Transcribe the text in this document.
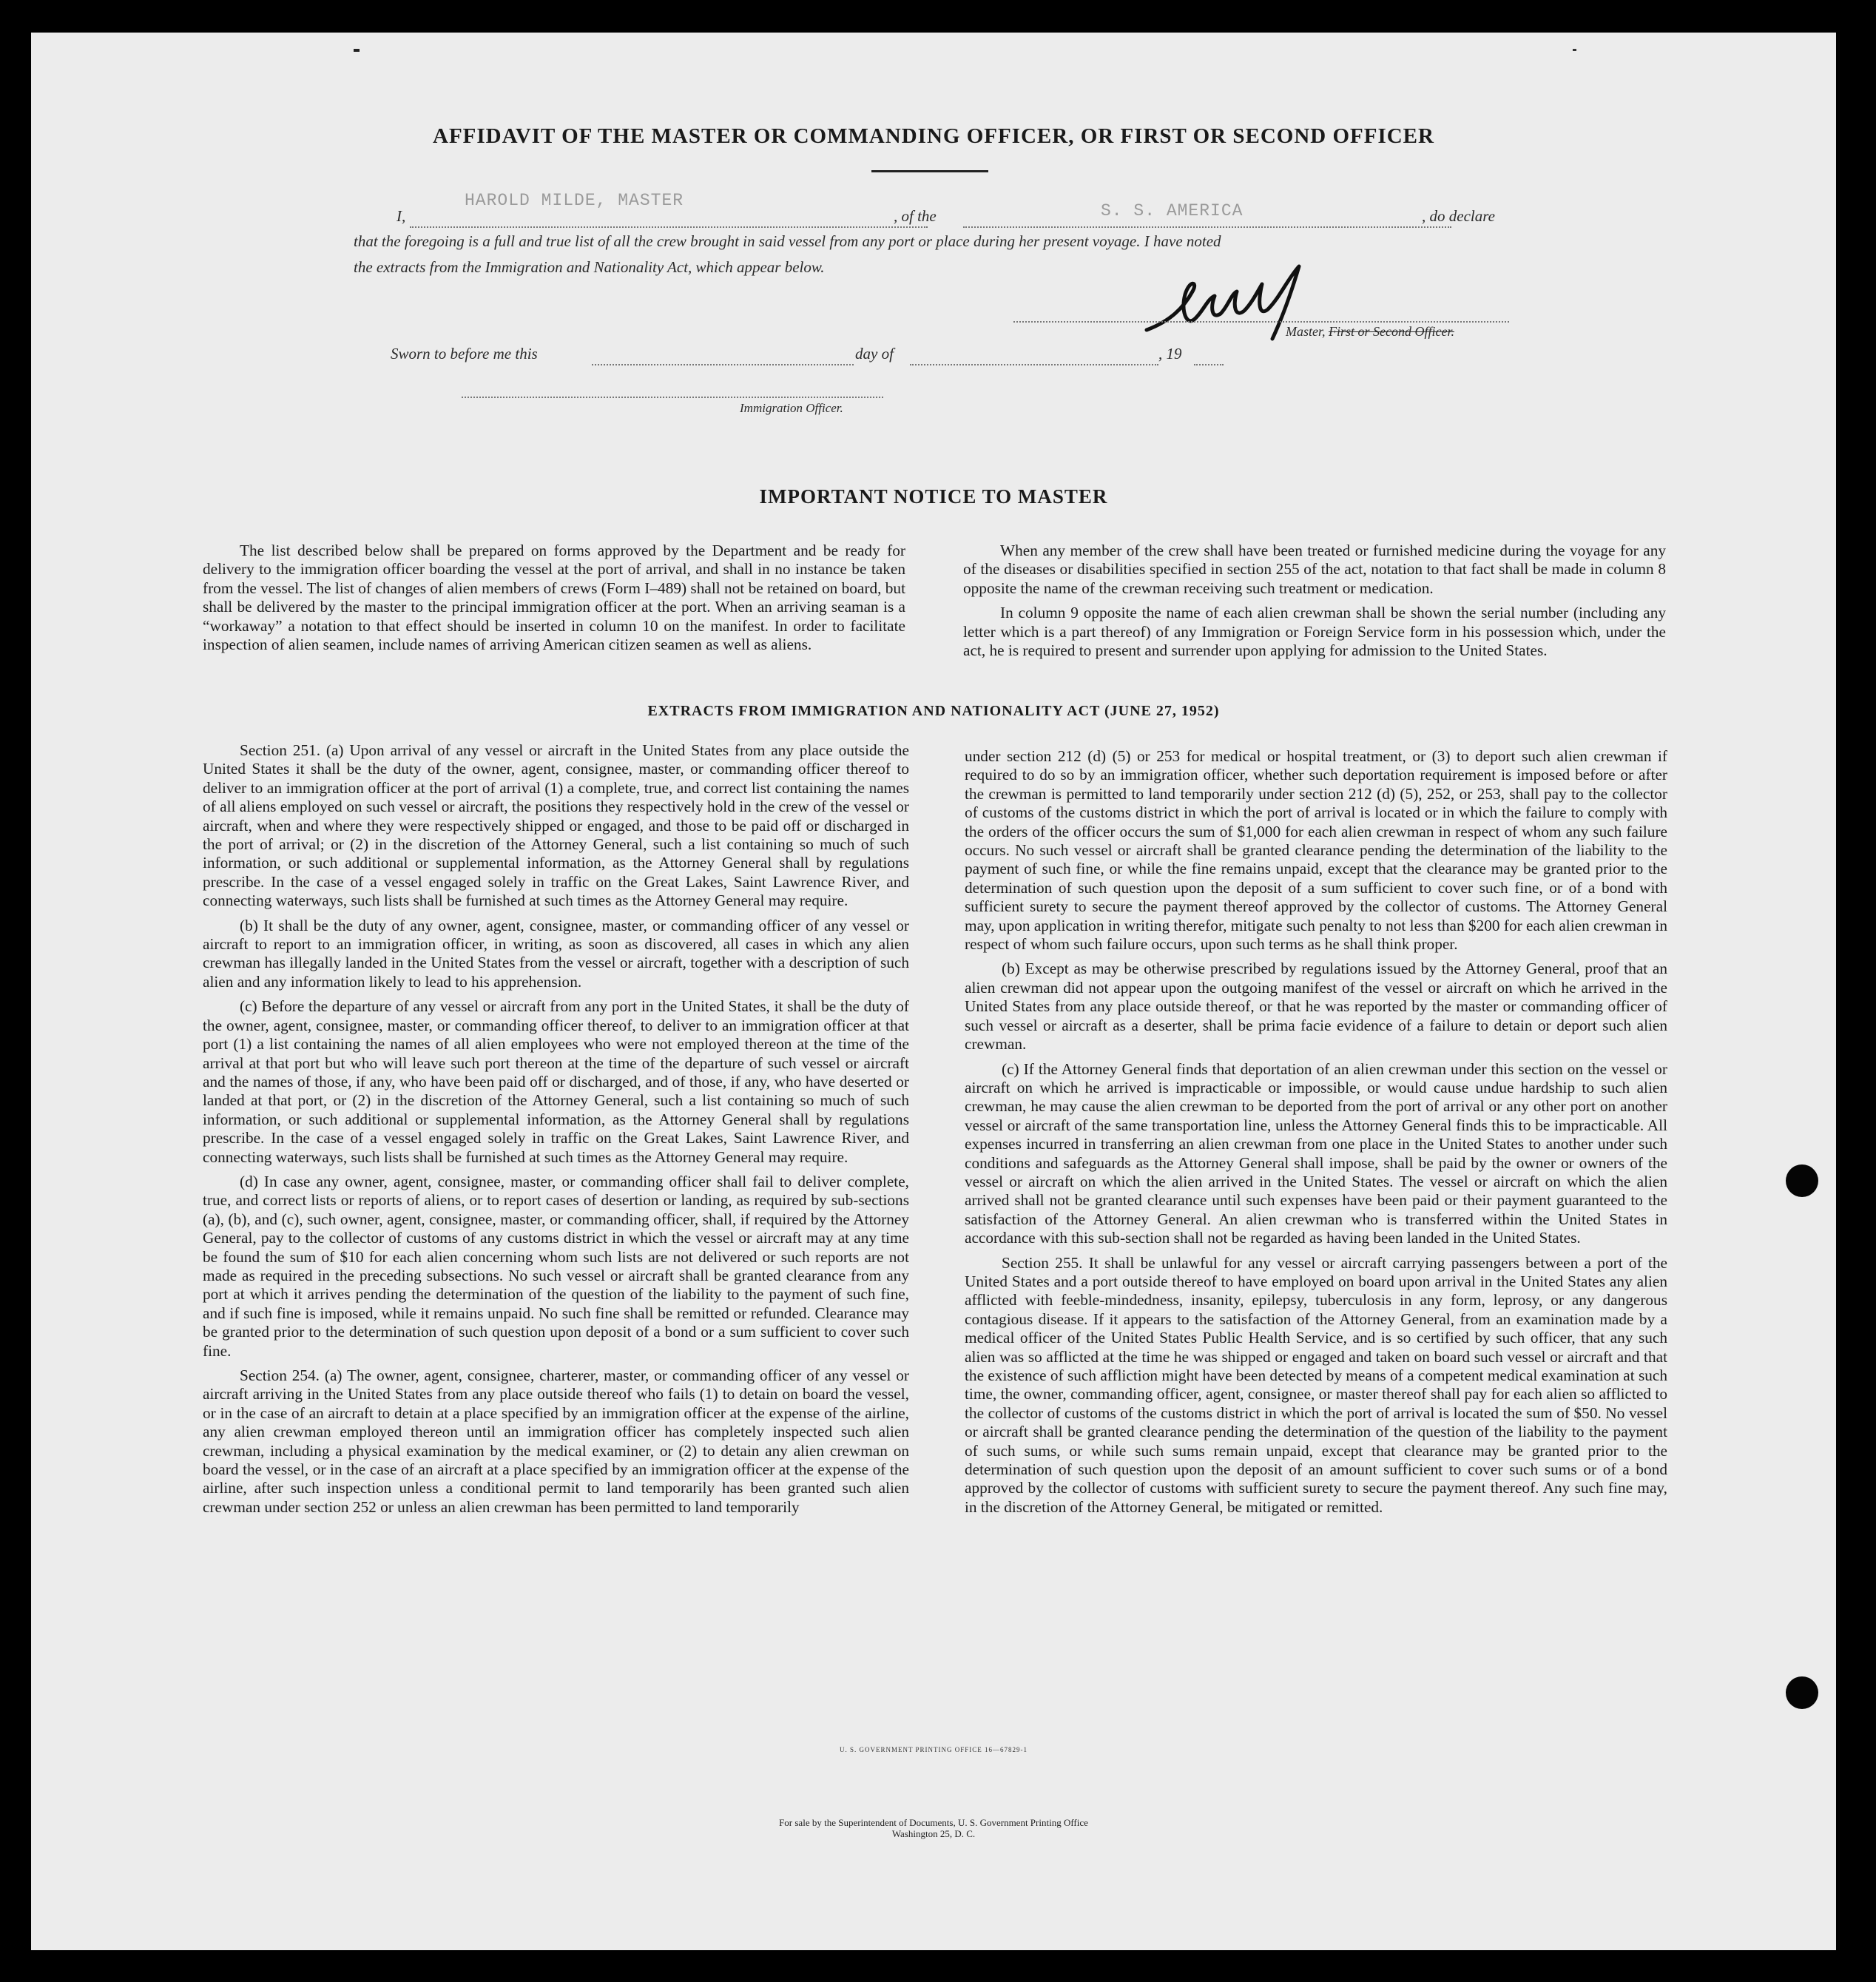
AFFIDAVIT OF THE MASTER OR COMMANDING OFFICER, OR FIRST OR SECOND OFFICER
I,
HAROLD MILDE, MASTER
, of the	S. S. AMERICA	, do declare
that the foregoing is a full and true list of all the crew brought in said vessel from any port or place during her present voyage. I have noted
the extracts from the Immigration and Nationality Act, which appear below.
Master, First or Second Officer.
Sworn to before me this	day of	, 19
Immigration Officer.
IMPORTANT NOTICE TO MASTER

The list described below shall be prepared on forms approved by the Department and be ready for delivery to the immigration officer boarding the vessel at the port of arrival, and shall in no instance be taken from the vessel. The list of changes of alien members of crews (Form I–489) shall not be retained on board, but shall be delivered by the master to the principal immigration officer at the port. When an arriving seaman is a “workaway” a notation to that effect should be inserted in column 10 on the manifest. In order to facilitate inspection of alien seamen, include names of arriving American citizen seamen as well as aliens.

When any member of the crew shall have been treated or furnished medicine during the voyage for any of the diseases or disabilities specified in section 255 of the act, notation to that fact shall be made in column 8 opposite the name of the crewman receiving such treatment or medication.

In column 9 opposite the name of each alien crewman shall be shown the serial number (including any letter which is a part thereof) of any Immigration or Foreign Service form in his possession which, under the act, he is required to present and surrender upon applying for admission to the United States.

EXTRACTS FROM IMMIGRATION AND NATIONALITY ACT (JUNE 27, 1952)

Section 251. (a) Upon arrival of any vessel or aircraft in the United States from any place outside the United States it shall be the duty of the owner, agent, consignee, master, or commanding officer thereof to deliver to an immigration officer at the port of arrival (1) a complete, true, and correct list containing the names of all aliens employed on such vessel or aircraft, the positions they respectively hold in the crew of the vessel or aircraft, when and where they were respectively shipped or engaged, and those to be paid off or discharged in the port of arrival; or (2) in the discretion of the Attorney General, such a list containing so much of such information, or such additional or supplemental information, as the Attorney General shall by regulations prescribe. In the case of a vessel engaged solely in traffic on the Great Lakes, Saint Lawrence River, and connecting waterways, such lists shall be furnished at such times as the Attorney General may require.

(b) It shall be the duty of any owner, agent, consignee, master, or commanding officer of any vessel or aircraft to report to an immigration officer, in writing, as soon as discovered, all cases in which any alien crewman has illegally landed in the United States from the vessel or aircraft, together with a description of such alien and any information likely to lead to his apprehension.

(c) Before the departure of any vessel or aircraft from any port in the United States, it shall be the duty of the owner, agent, consignee, master, or commanding officer thereof, to deliver to an immigration officer at that port (1) a list containing the names of all alien employees who were not employed thereon at the time of the arrival at that port but who will leave such port thereon at the time of the departure of such vessel or aircraft and the names of those, if any, who have been paid off or discharged, and of those, if any, who have deserted or landed at that port, or (2) in the discretion of the Attorney General, such a list containing so much of such information, or such additional or supplemental information, as the Attorney General shall by regulations prescribe. In the case of a vessel engaged solely in traffic on the Great Lakes, Saint Lawrence River, and connecting waterways, such lists shall be furnished at such times as the Attorney General may require.

(d) In case any owner, agent, consignee, master, or commanding officer shall fail to deliver complete, true, and correct lists or reports of aliens, or to report cases of desertion or landing, as required by sub-sections (a), (b), and (c), such owner, agent, consignee, master, or commanding officer, shall, if required by the Attorney General, pay to the collector of customs of any customs district in which the vessel or aircraft may at any time be found the sum of $10 for each alien concerning whom such lists are not delivered or such reports are not made as required in the preceding subsections. No such vessel or aircraft shall be granted clearance from any port at which it arrives pending the determination of the question of the liability to the payment of such fine, and if such fine is imposed, while it remains unpaid. No such fine shall be remitted or refunded. Clearance may be granted prior to the determination of such question upon deposit of a bond or a sum sufficient to cover such fine.

Section 254. (a) The owner, agent, consignee, charterer, master, or commanding officer of any vessel or aircraft arriving in the United States from any place outside thereof who fails (1) to detain on board the vessel, or in the case of an aircraft to detain at a place specified by an immigration officer at the expense of the airline, any alien crewman employed thereon until an immigration officer has completely inspected such alien crewman, including a physical examination by the medical examiner, or (2) to detain any alien crewman on board the vessel, or in the case of an aircraft at a place specified by an immigration officer at the expense of the airline, after such inspection unless a conditional permit to land temporarily has been granted such alien crewman under section 252 or unless an alien crewman has been permitted to land temporarily

under section 212 (d) (5) or 253 for medical or hospital treatment, or (3) to deport such alien crewman if required to do so by an immigration officer, whether such deportation requirement is imposed before or after the crewman is permitted to land temporarily under section 212 (d) (5), 252, or 253, shall pay to the collector of customs of the customs district in which the port of arrival is located or in which the failure to comply with the orders of the officer occurs the sum of $1,000 for each alien crewman in respect of whom any such failure occurs. No such vessel or aircraft shall be granted clearance pending the determination of the liability to the payment of such fine, or while the fine remains unpaid, except that the clearance may be granted prior to the determination of such question upon the deposit of a sum sufficient to cover such fine, or of a bond with sufficient surety to secure the payment thereof approved by the collector of customs. The Attorney General may, upon application in writing therefor, mitigate such penalty to not less than $200 for each alien crewman in respect of whom such failure occurs, upon such terms as he shall think proper.

(b) Except as may be otherwise prescribed by regulations issued by the Attorney General, proof that an alien crewman did not appear upon the outgoing manifest of the vessel or aircraft on which he arrived in the United States from any place outside thereof, or that he was reported by the master or commanding officer of such vessel or aircraft as a deserter, shall be prima facie evidence of a failure to detain or deport such alien crewman.

(c) If the Attorney General finds that deportation of an alien crewman under this section on the vessel or aircraft on which he arrived is impracticable or impossible, or would cause undue hardship to such alien crewman, he may cause the alien crewman to be deported from the port of arrival or any other port on another vessel or aircraft of the same transportation line, unless the Attorney General finds this to be impracticable. All expenses incurred in transferring an alien crewman from one place in the United States to another under such conditions and safeguards as the Attorney General shall impose, shall be paid by the owner or owners of the vessel or aircraft on which the alien arrived in the United States. The vessel or aircraft on which the alien arrived shall not be granted clearance until such expenses have been paid or their payment guaranteed to the satisfaction of the Attorney General. An alien crewman who is transferred within the United States in accordance with this sub-section shall not be regarded as having been landed in the United States.

Section 255. It shall be unlawful for any vessel or aircraft carrying passengers between a port of the United States and a port outside thereof to have employed on board upon arrival in the United States any alien afflicted with feeble-mindedness, insanity, epilepsy, tuberculosis in any form, leprosy, or any dangerous contagious disease. If it appears to the satisfaction of the Attorney General, from an examination made by a medical officer of the United States Public Health Service, and is so certified by such officer, that any such alien was so afflicted at the time he was shipped or engaged and taken on board such vessel or aircraft and that the existence of such affliction might have been detected by means of a competent medical examination at such time, the owner, commanding officer, agent, consignee, or master thereof shall pay for each alien so afflicted to the collector of customs of the customs district in which the port of arrival is located the sum of $50. No vessel or aircraft shall be granted clearance pending the determination of the question of the liability to the payment of such sums, or while such sums remain unpaid, except that clearance may be granted prior to the determination of such question upon the deposit of an amount sufficient to cover such sums or of a bond approved by the collector of customs with sufficient surety to secure the payment thereof. Any such fine may, in the discretion of the Attorney General, be mitigated or remitted.

U. S. GOVERNMENT PRINTING OFFICE 16—67829-1
For sale by the Superintendent of Documents, U. S. Government Printing Office
Washington 25, D. C.
